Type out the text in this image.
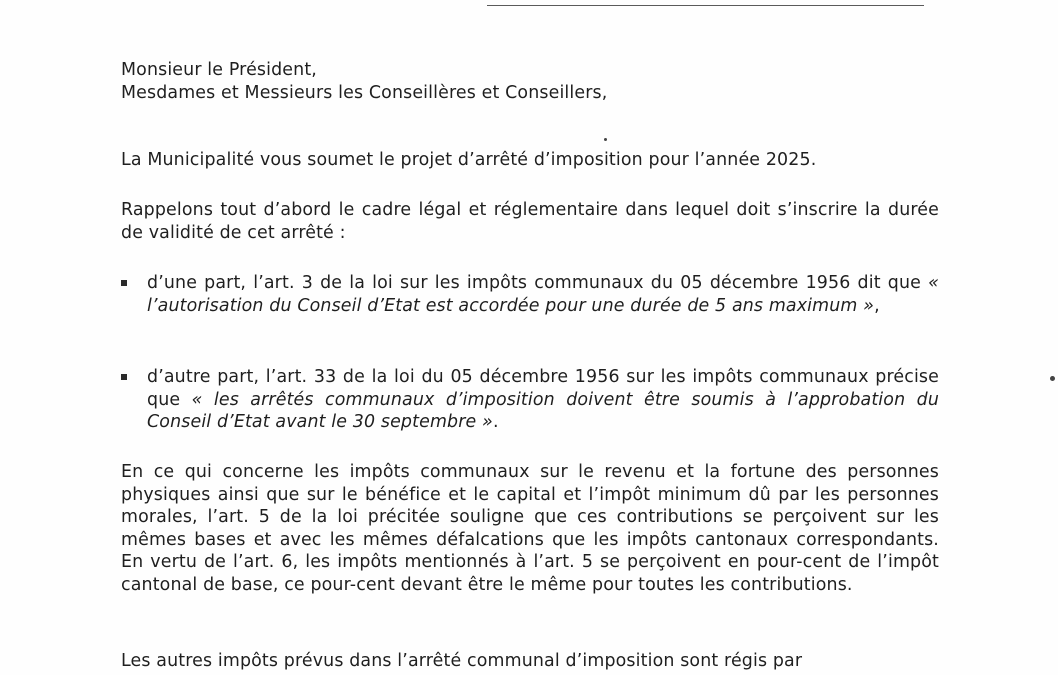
Monsieur le Président,
Mesdames et Messieurs les Conseillères et Conseillers,

La Municipalité vous soumet le projet d’arrêté d’imposition pour l’année 2025.

Rappelons tout d’abord le cadre légal et réglementaire dans lequel doit s’inscrire la durée de validité de cet arrêté :

d’une part, l’art. 3 de la loi sur les impôts communaux du 05 décembre 1956 dit que « l’autorisation du Conseil d’Etat est accordée pour une durée de 5 ans maximum »,
d’autre part, l’art. 33 de la loi du 05 décembre 1956 sur les impôts communaux précise que « les arrêtés communaux d’imposition doivent être soumis à l’approbation du Conseil d’Etat avant le 30 septembre ».

En ce qui concerne les impôts communaux sur le revenu et la fortune des personnes physiques ainsi que sur le bénéfice et le capital et l’impôt minimum dû par les personnes morales, l’art. 5 de la loi précitée souligne que ces contributions se perçoivent sur les mêmes bases et avec les mêmes défalcations que les impôts cantonaux correspondants. En vertu de l’art. 6, les impôts mentionnés à l’art. 5 se perçoivent en pour-cent de l’impôt cantonal de base, ce pour-cent devant être le même pour toutes les contributions.

Les autres impôts prévus dans l’arrêté communal d’imposition sont régis par
